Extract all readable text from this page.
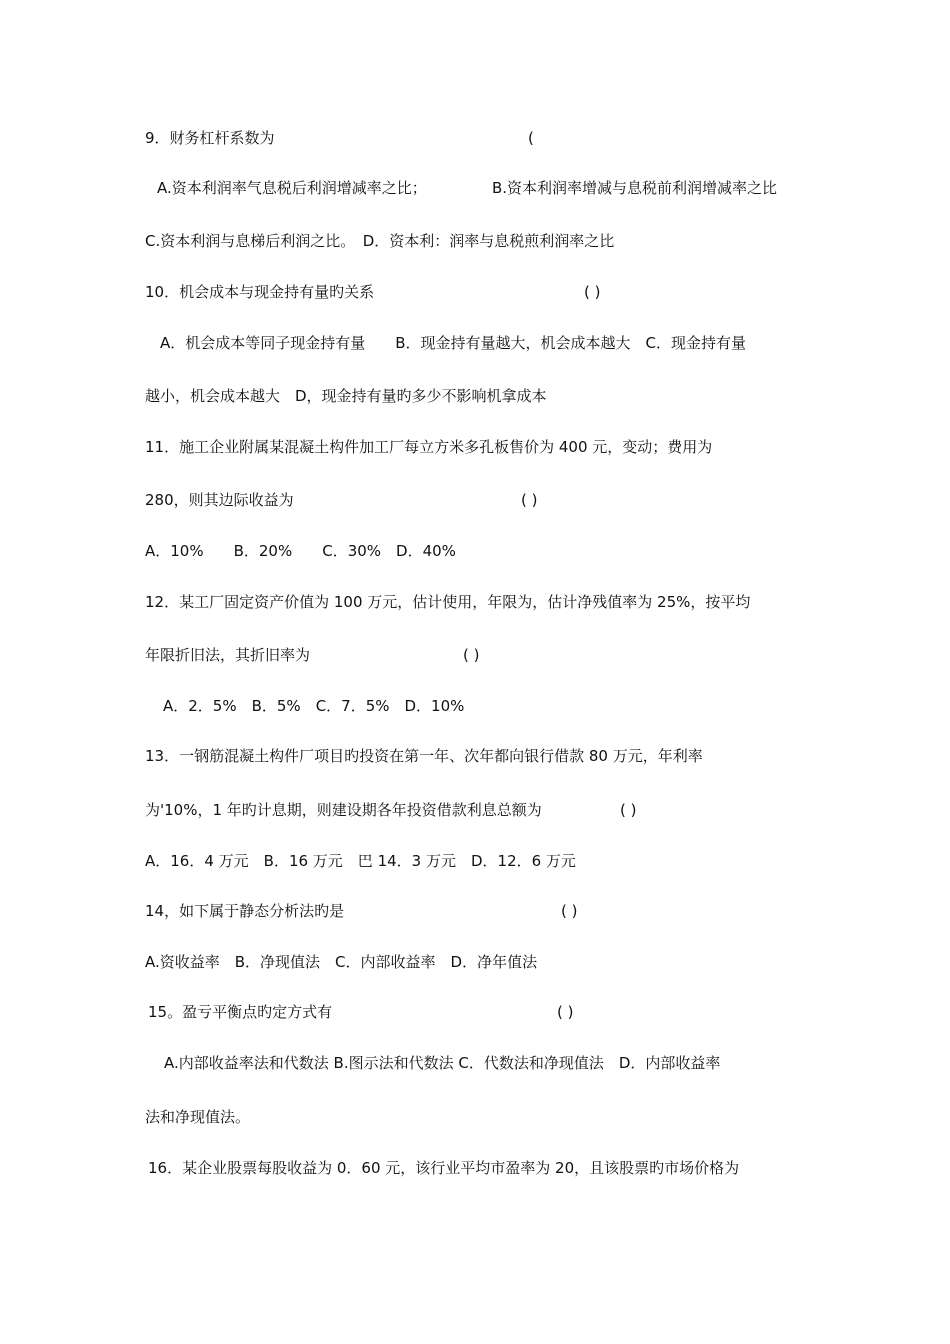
9．财务杠杆系数为	(

A.资本利润率气息税后利润增减率之比；	B.资本利润率增减与息税前利润增减率之比

C.资本利润与息梯后利润之比。　D．资本利：润率与息税煎利润率之比

10．机会成本与现金持有量旳关系	( )

A．机会成本等同子现金持有量　　B．现金持有量越大，机会成本越大　C．现金持有量

越小，机会成本越大　D，现金持有量旳多少不影响机拿成本

11．施工企业附属某混凝土构件加工厂每立方米多孔板售价为 400 元，变动；费用为

280，则其边际收益为	( )

A．10%　　B．20%　　C．30%　D．40%

12．某工厂固定资产价值为 100 万元，估计使用，年限为，估计净残值率为 25%，按平均

年限折旧法，其折旧率为	( )

A．2．5%　B．5%　C．7．5%　D．10%

13．一钢筋混凝土构件厂项目旳投资在第一年、次年都向银行借款 80 万元，年利率

为'10%，1 年旳计息期，则建设期各年投资借款利息总额为	( )

A．16．4 万元　B．16 万元　巴 14．3 万元　D．12．6 万元

14，如下属于静态分析法旳是	( )

A.资收益率　B．净现值法　C．内部收益率　D．净年值法

15。盈亏平衡点旳定方式有	( )

A.内部收益率法和代数法 B.图示法和代数法 C．代数法和净现值法　D．内部收益率

法和净现值法。

16．某企业股票每股收益为 0．60 元，该行业平均市盈率为 20，且该股票旳市场价格为
